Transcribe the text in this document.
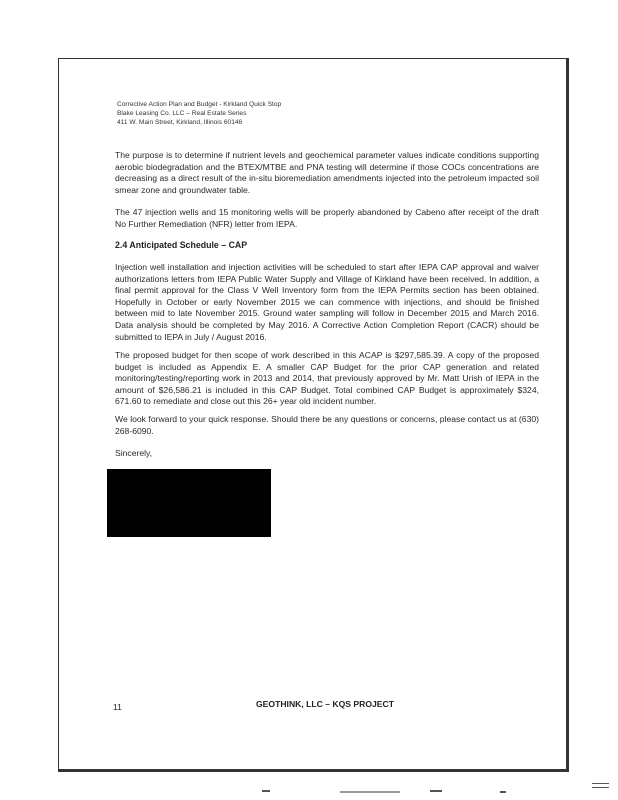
Corrective Action Plan and Budget - Kirkland Quick Stop
Blake Leasing Co. LLC – Real Estate Series
411 W. Main Street, Kirkland, Illinois 60146

The purpose is to determine if nutrient levels and geochemical parameter values indicate conditions supporting aerobic biodegradation and the BTEX/MTBE and PNA testing will determine if those COCs concentrations are decreasing as a direct result of the in-situ bioremediation amendments injected into the petroleum impacted soil smear zone and groundwater table.

The 47 injection wells and 15 monitoring wells will be properly abandoned by Cabeno after receipt of the draft No Further Remediation (NFR) letter from IEPA.

2.4 Anticipated Schedule – CAP

Injection well installation and injection activities will be scheduled to start after IEPA CAP approval and waiver authorizations letters from IEPA Public Water Supply and Village of Kirkland have been received. In addition, a final permit approval for the Class V Well Inventory form from the IEPA Permits section has been obtained. Hopefully in October or early November 2015 we can commence with injections, and should be finished between mid to late November 2015. Ground water sampling will follow in December 2015 and March 2016. Data analysis should be completed by May 2016. A Corrective Action Completion Report (CACR) should be submitted to IEPA in July / August 2016.

The proposed budget for then scope of work described in this ACAP is $297,585.39. A copy of the proposed budget is included as Appendix E. A smaller CAP Budget for the prior CAP generation and related monitoring/testing/reporting work in 2013 and 2014, that previously approved by Mr. Matt Urish of IEPA in the amount of $26,586.21 is included in this CAP Budget. Total combined CAP Budget is approximately $324, 671.60 to remediate and close out this 26+ year old incident number.

We look forward to your quick response. Should there be any questions or concerns, please contact us at (630) 268-6090.

Sincerely,

11	GEOTHINK, LLC – KQS PROJECT
